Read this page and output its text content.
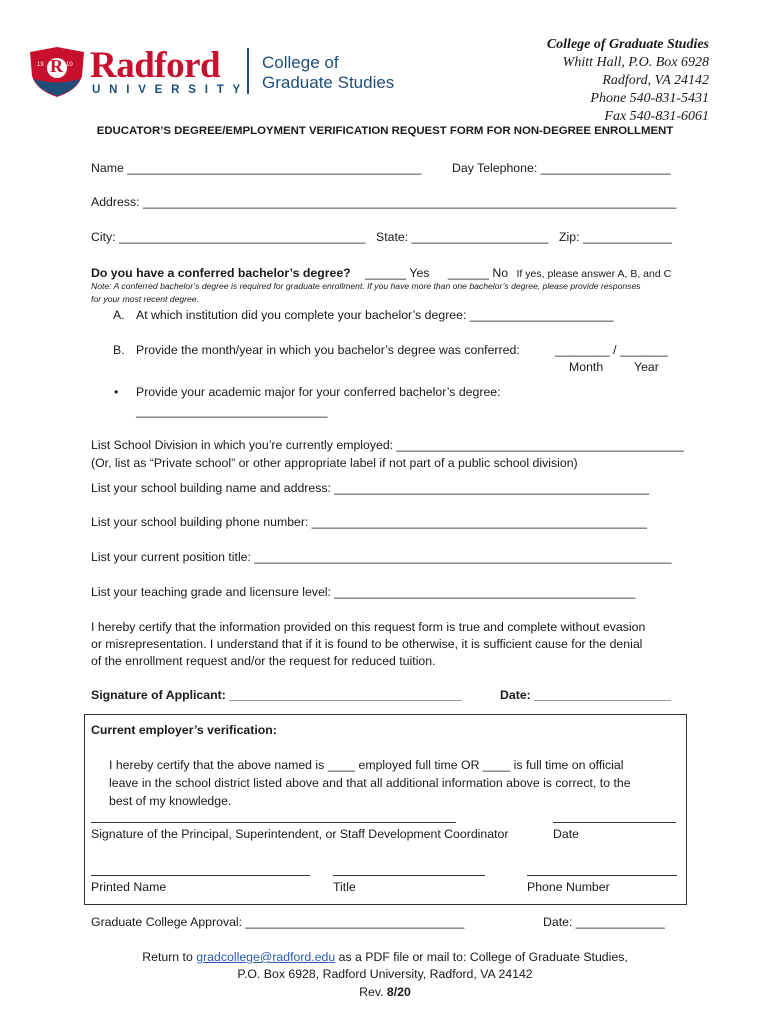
19 R 10 Radford
UNIVERSITY
College of
Graduate Studies
College of Graduate Studies
Whitt Hall, P.O. Box 6928
Radford, VA 24142
Phone 540-831-5431
Fax 540-831-6061
EDUCATOR’S DEGREE/EMPLOYMENT VERIFICATION REQUEST FORM FOR NON-DEGREE ENROLLMENT
Name ___________________________________________ Day Telephone: ___________________
Address: ______________________________________________________________________________
City: ____________________________________ State: ____________________ Zip: _____________
Do you have a conferred bachelor’s degree? ______ Yes ______ No If yes, please answer A, B, and C
Note: A conferred bachelor’s degree is required for graduate enrollment. If you have more than one bachelor’s degree, please provide responses
for your most recent degree.
A. At which institution did you complete your bachelor’s degree: _____________________
B. Provide the month/year in which you bachelor’s degree was conferred:	________ / _______
Month	Year
• Provide your academic major for your conferred bachelor’s degree:
____________________________
List School Division in which you’re currently employed: __________________________________________
(Or, list as “Private school” or other appropriate label if not part of a public school division)
List your school building name and address: ______________________________________________
List your school building phone number: _________________________________________________
List your current position title: _____________________________________________________________
List your teaching grade and licensure level: ____________________________________________
I hereby certify that the information provided on this request form is true and complete without evasion
or misrepresentation. I understand that if it is found to be otherwise, it is sufficient cause for the denial
of the enrollment request and/or the request for reduced tuition.
Signature of Applicant: __________________________________	Date: ____________________
Current employer’s verification:
I hereby certify that the above named is ____ employed full time OR ____ is full time on official
leave in the school district listed above and that all additional information above is correct, to the
best of my knowledge.
Signature of the Principal, Superintendent, or Staff Development Coordinator	Date
Printed Name	Title	Phone Number
Graduate College Approval: ________________________________	Date: _____________
Return to gradcollege@radford.edu as a PDF file or mail to: College of Graduate Studies,
P.O. Box 6928, Radford University, Radford, VA 24142
Rev. 8/20
